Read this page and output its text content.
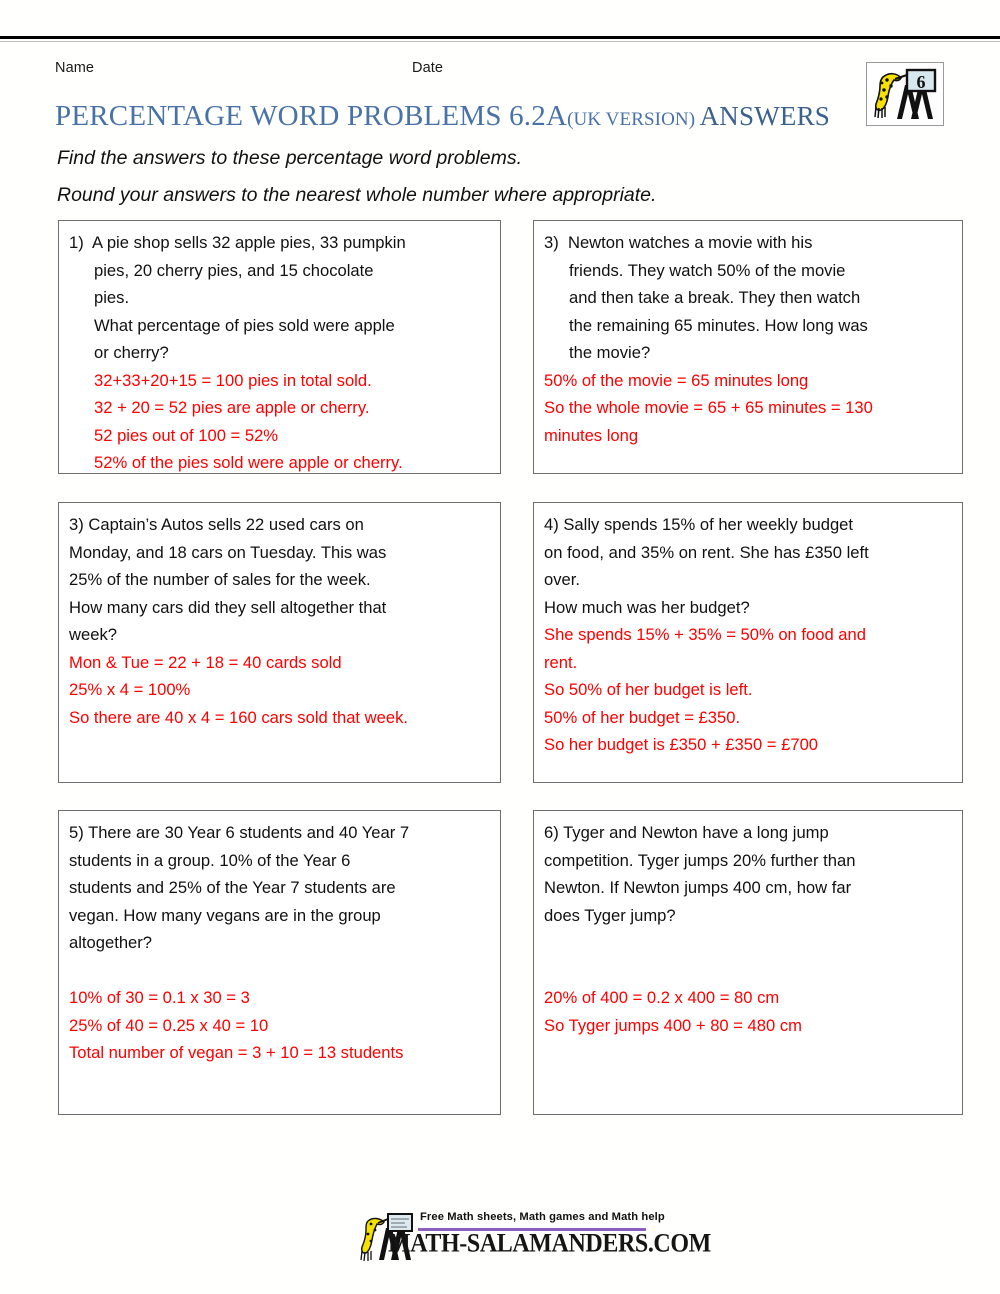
Name	Date
PERCENTAGE WORD PROBLEMS 6.2A(UK VERSION) ANSWERS
6
Find the answers to these percentage word problems.
Round your answers to the nearest whole number where appropriate.
1)  A pie shop sells 32 apple pies, 33 pumpkin
pies, 20 cherry pies, and 15 chocolate
pies.
What percentage of pies sold were apple
or cherry?
32+33+20+15 = 100 pies in total sold.
32 + 20 = 52 pies are apple or cherry.
52 pies out of 100 = 52%
52% of the pies sold were apple or cherry.
3)  Newton watches a movie with his
friends. They watch 50% of the movie
and then take a break. They then watch
the remaining 65 minutes. How long was
the movie?
50% of the movie = 65 minutes long
So the whole movie = 65 + 65 minutes = 130
minutes long
3) Captain’s Autos sells 22 used cars on
Monday, and 18 cars on Tuesday. This was
25% of the number of sales for the week.
How many cars did they sell altogether that
week?
Mon & Tue = 22 + 18 = 40 cards sold
25% x 4 = 100%
So there are 40 x 4 = 160 cars sold that week.
4) Sally spends 15% of her weekly budget
on food, and 35% on rent. She has £350 left
over.
How much was her budget?
She spends 15% + 35% = 50% on food and
rent.
So 50% of her budget is left.
50% of her budget = £350.
So her budget is £350 + £350 = £700
5) There are 30 Year 6 students and 40 Year 7
students in a group. 10% of the Year 6
students and 25% of the Year 7 students are
vegan. How many vegans are in the group
altogether?

10% of 30 = 0.1 x 30 = 3
25% of 40 = 0.25 x 40 = 10
Total number of vegan = 3 + 10 = 13 students
6) Tyger and Newton have a long jump
competition. Tyger jumps 20% further than
Newton. If Newton jumps 400 cm, how far
does Tyger jump?

20% of 400 = 0.2 x 400 = 80 cm
So Tyger jumps 400 + 80 = 480 cm
Free Math sheets, Math games and Math help
MATH-SALAMANDERS.COM
